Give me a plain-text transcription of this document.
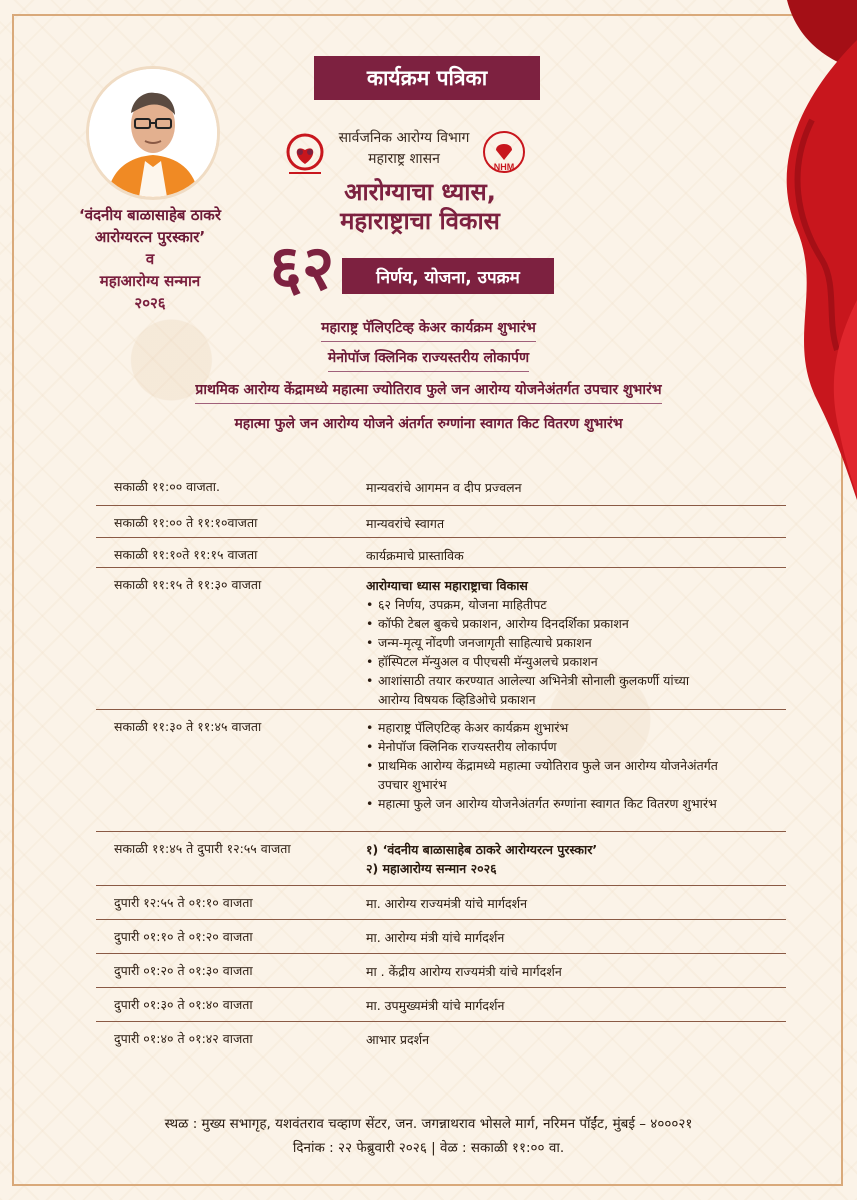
‘वंदनीय बाळासाहेब ठाकरे
आरोग्यरत्न पुरस्कार’
व
महाआरोग्य सन्मान
२०२६
कार्यक्रम पत्रिका
सार्वजनिक आरोग्य विभाग
महाराष्ट्र शासन	NHM
आरोग्याचा ध्यास,
महाराष्ट्राचा विकास
६२	निर्णय, योजना, उपक्रम
महाराष्ट्र पॅलिएटिव्ह केअर कार्यक्रम शुभारंभ
मेनोपॉज क्लिनिक राज्यस्तरीय लोकार्पण
प्राथमिक आरोग्य केंद्रामध्ये महात्मा ज्योतिराव फुले जन आरोग्य योजनेअंतर्गत उपचार शुभारंभ
महात्मा फुले जन आरोग्य योजने अंतर्गत रुग्णांना स्वागत किट वितरण शुभारंभ
सकाळी ११:०० वाजता.	मान्यवरांचे आगमन व दीप प्रज्वलन
सकाळी ११:०० ते ११:१०वाजता	मान्यवरांचे स्वागत
सकाळी ११:१०ते ११:१५ वाजता	कार्यक्रमाचे प्रास्ताविक
सकाळी ११:१५ ते ११:३० वाजता	आरोग्याचा ध्यास महाराष्ट्राचा विकास
• ६२ निर्णय, उपक्रम, योजना माहितीपट
• कॉफी टेबल बुकचे प्रकाशन, आरोग्य दिनदर्शिका प्रकाशन
• जन्म-मृत्यू नोंदणी जनजागृती साहित्याचे प्रकाशन
• हॉस्पिटल मॅन्युअल व पीएचसी मॅन्युअलचे प्रकाशन
• आशांसाठी तयार करण्यात आलेल्या अभिनेत्री सोनाली कुलकर्णी यांच्या
आरोग्य विषयक व्हिडिओचे प्रकाशन
सकाळी ११:३० ते ११:४५ वाजता
•	महाराष्ट्र पॅलिएटिव्ह केअर कार्यक्रम शुभारंभ
• मेनोपॉज क्लिनिक राज्यस्तरीय लोकार्पण
• प्राथमिक आरोग्य केंद्रामध्ये महात्मा ज्योतिराव फुले जन आरोग्य योजनेअंतर्गत
उपचार शुभारंभ
• महात्मा फुले जन आरोग्य योजनेअंतर्गत रुग्णांना स्वागत किट वितरण शुभारंभ
सकाळी ११:४५ ते दुपारी १२:५५ वाजता	१) ‘वंदनीय बाळासाहेब ठाकरे आरोग्यरत्न पुरस्कार’
२) महाआरोग्य सन्मान २०२६
दुपारी १२:५५ ते ०१:१० वाजता	मा. आरोग्य राज्यमंत्री यांचे मार्गदर्शन
दुपारी ०१:१० ते ०१:२० वाजता	मा. आरोग्य मंत्री यांचे मार्गदर्शन
दुपारी ०१:२० ते ०१:३० वाजता	मा . केंद्रीय आरोग्य राज्यमंत्री यांचे मार्गदर्शन
दुपारी ०१:३० ते ०१:४० वाजता	मा. उपमुख्यमंत्री यांचे मार्गदर्शन
दुपारी ०१:४० ते ०१:४२ वाजता	आभार प्रदर्शन
स्थळ : मुख्य सभागृह, यशवंतराव चव्हाण सेंटर, जन. जगन्नाथराव भोसले मार्ग, नरिमन पॉईंट, मुंबई – ४०००२१
दिनांक : २२ फेब्रुवारी २०२६ | वेळ : सकाळी ११:०० वा.
